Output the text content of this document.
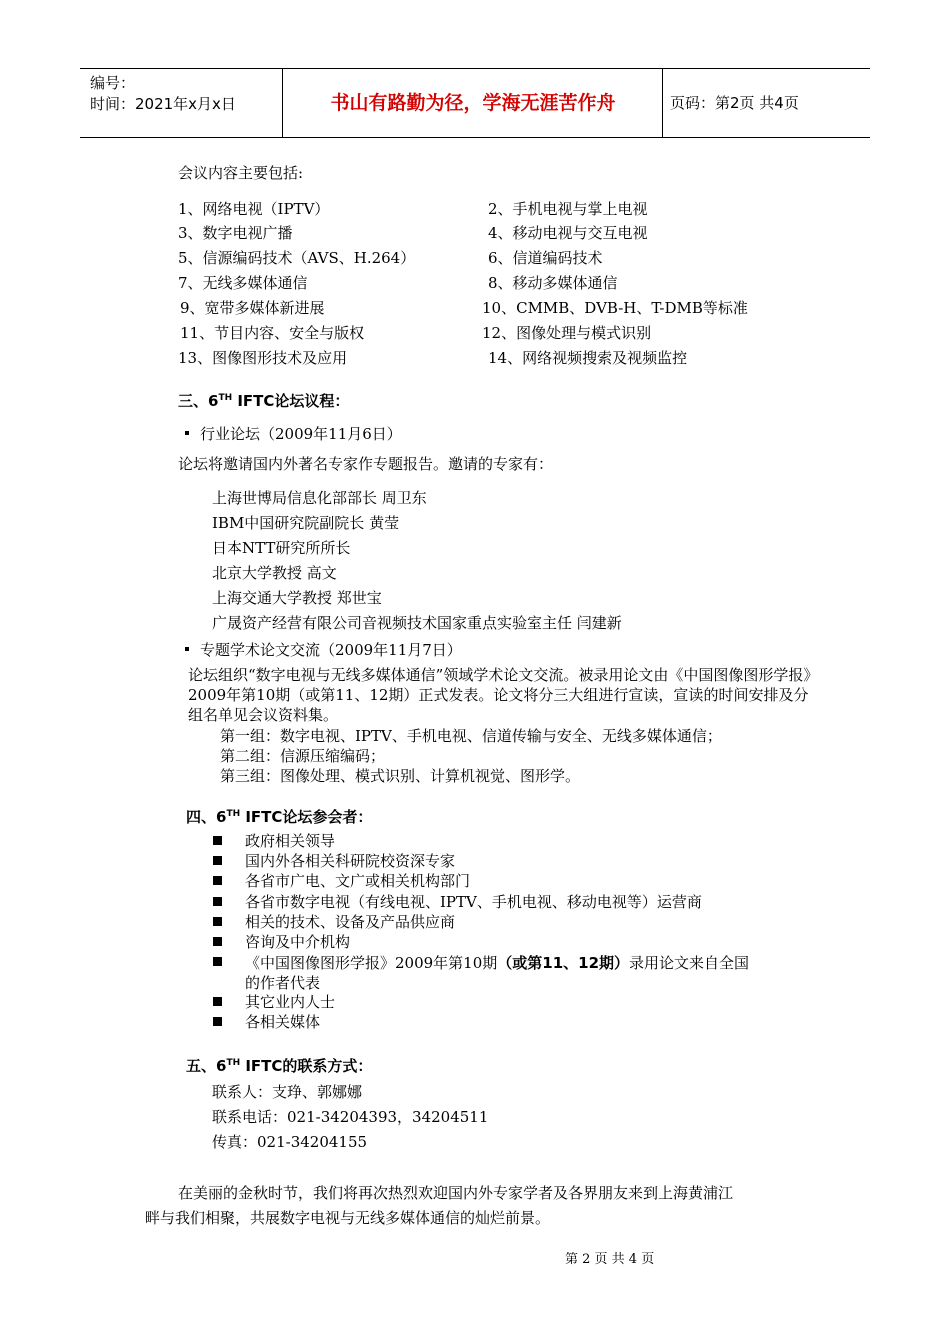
编号：
时间：2021年x月x日	书山有路勤为径，学海无涯苦作舟	页码：第2页 共4页
会议内容主要包括:
1、网络电视（IPTV）	2、手机电视与掌上电视
3、数字电视广播	4、移动电视与交互电视
5、信源编码技术（AVS、H.264）	6、信道编码技术
7、无线多媒体通信	8、移动多媒体通信
9、宽带多媒体新进展	10、CMMB、DVB-H、T-DMB等标准
11、节目内容、安全与版权	12、图像处理与模式识别
13、图像图形技术及应用	14、网络视频搜索及视频监控
三、6TH IFTC论坛议程：
行业论坛（2009年11月6日）
论坛将邀请国内外著名专家作专题报告。邀请的专家有：
上海世博局信息化部部长 周卫东
IBM中国研究院副院长 黄莹
日本NTT研究所所长
北京大学教授 高文
上海交通大学教授 郑世宝
广晟资产经营有限公司音视频技术国家重点实验室主任 闫建新
专题学术论文交流（2009年11月7日）
论坛组织“数字电视与无线多媒体通信”领域学术论文交流。被录用论文由《中国图像图形学报》2009年第10期（或第11、12期）正式发表。论文将分三大组进行宣读，宣读的时间安排及分组名单见会议资料集。
第一组：数字电视、IPTV、手机电视、信道传输与安全、无线多媒体通信；
第二组：信源压缩编码；
第三组：图像处理、模式识别、计算机视觉、图形学。
四、6TH IFTC论坛参会者：
政府相关领导
国内外各相关科研院校资深专家
各省市广电、文广或相关机构部门
各省市数字电视（有线电视、IPTV、手机电视、移动电视等）运营商
相关的技术、设备及产品供应商
咨询及中介机构
《中国图像图形学报》2009年第10期（或第11、12期）录用论文来自全国
的作者代表
其它业内人士
各相关媒体
五、6TH IFTC的联系方式：
联系人：支琤、郭娜娜
联系电话：021-34204393，34204511
传真：021-34204155
在美丽的金秋时节，我们将再次热烈欢迎国内外专家学者及各界朋友来到上海黄浦江
畔与我们相聚，共展数字电视与无线多媒体通信的灿烂前景。
第 2 页 共 4 页
